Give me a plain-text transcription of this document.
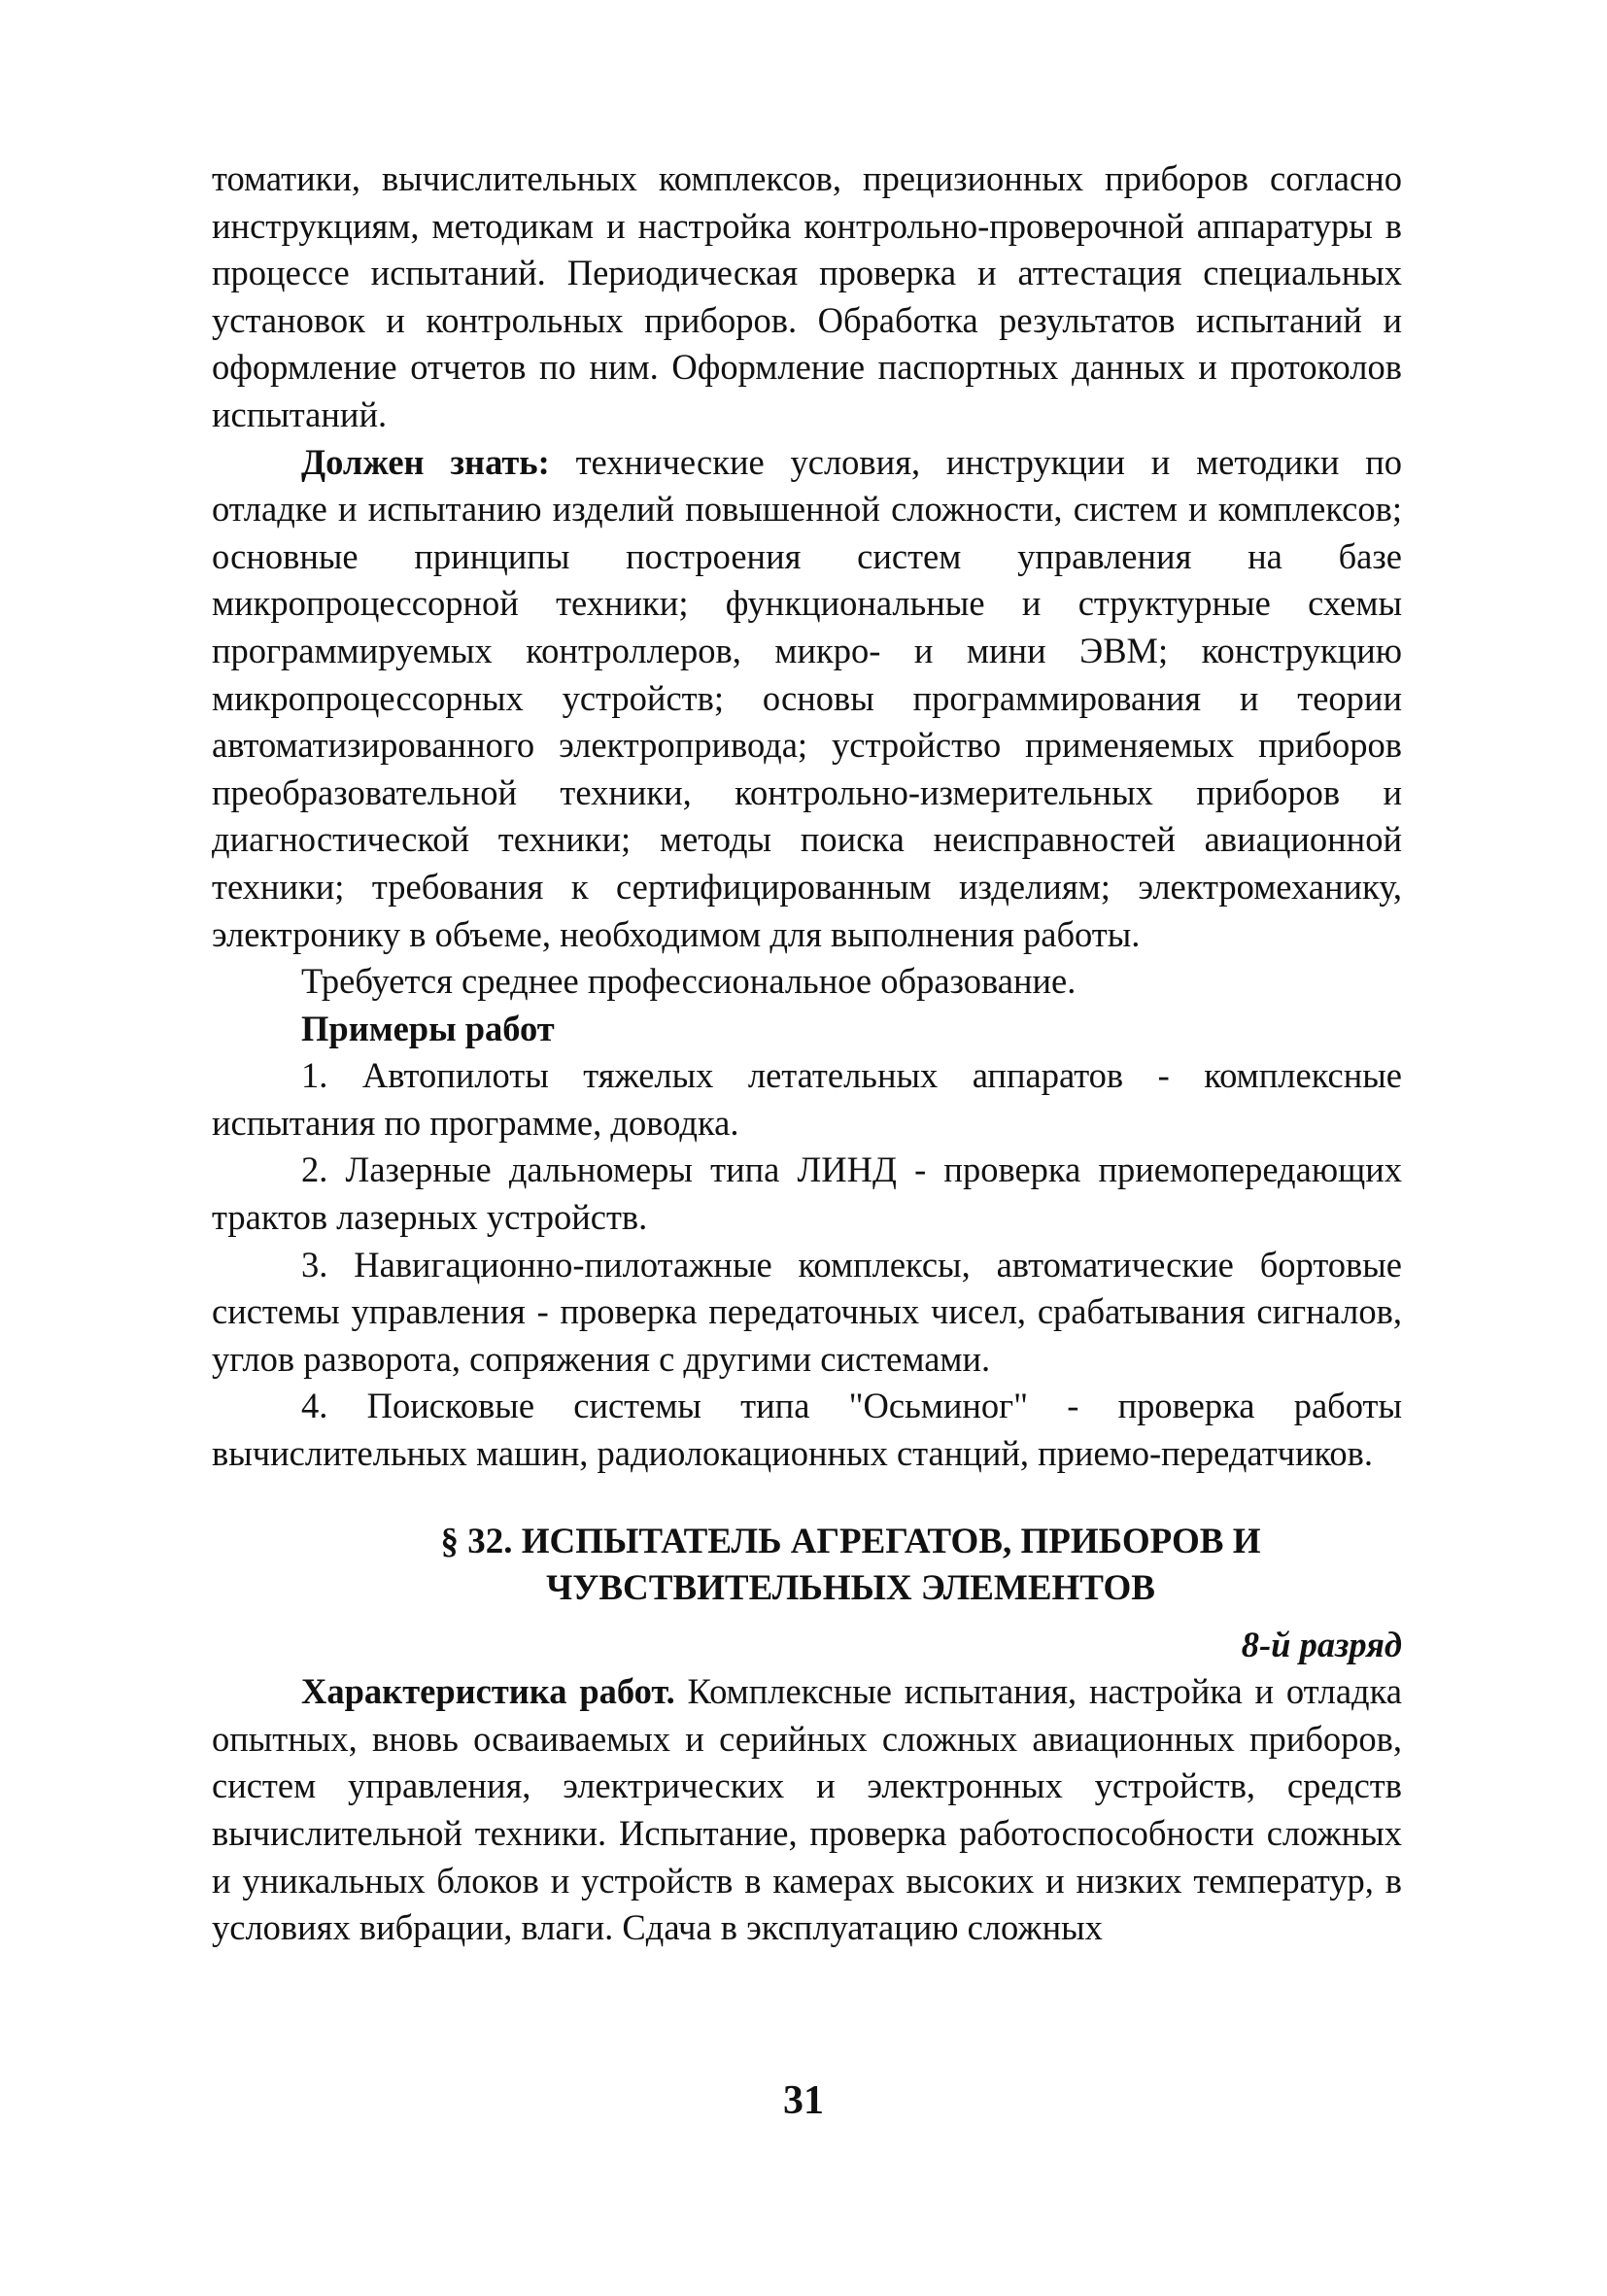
томатики, вычислительных комплексов, прецизионных приборов согласно инструкциям, методикам и настройка контрольно-проверочной аппаратуры в процессе испытаний. Периодическая проверка и аттестация специальных установок и контрольных приборов. Обработка результатов испытаний и оформление отчетов по ним. Оформление паспортных данных и протоколов испытаний.

Должен знать: технические условия, инструкции и методики по отладке и испытанию изделий повышенной сложности, систем и комплексов; основные принципы построения систем управления на базе микропроцессорной техники; функциональные и структурные схемы программируемых контроллеров, микро- и мини ЭВМ; конструкцию микропроцессорных устройств; основы программирования и теории автоматизированного электропривода; устройство применяемых приборов преобразовательной техники, контрольно-измерительных приборов и диагностической техники; методы поиска неисправностей авиационной техники; требования к сертифицированным изделиям; электромеханику, электронику в объеме, необходимом для выполнения работы.

Требуется среднее профессиональное образование.

Примеры работ

1. Автопилоты тяжелых летательных аппаратов - комплексные испытания по программе, доводка.

2. Лазерные дальномеры типа ЛИНД - проверка приемопередающих трактов лазерных устройств.

3. Навигационно-пилотажные комплексы, автоматические бортовые системы управления - проверка передаточных чисел, срабатывания сигналов, углов разворота, сопряжения с другими системами.

4. Поисковые системы типа "Осьминог" - проверка работы вычислительных машин, радиолокационных станций, приемо-передатчиков.

§ 32. ИСПЫТАТЕЛЬ АГРЕГАТОВ, ПРИБОРОВ И
ЧУВСТВИТЕЛЬНЫХ ЭЛЕМЕНТОВ

8-й разряд

Характеристика работ. Комплексные испытания, настройка и отладка опытных, вновь осваиваемых и серийных сложных авиационных приборов, систем управления, электрических и электронных устройств, средств вычислительной техники. Испытание, проверка работоспособности сложных и уникальных блоков и устройств в камерах высоких и низких температур, в условиях вибрации, влаги. Сдача в эксплуатацию сложных

31
